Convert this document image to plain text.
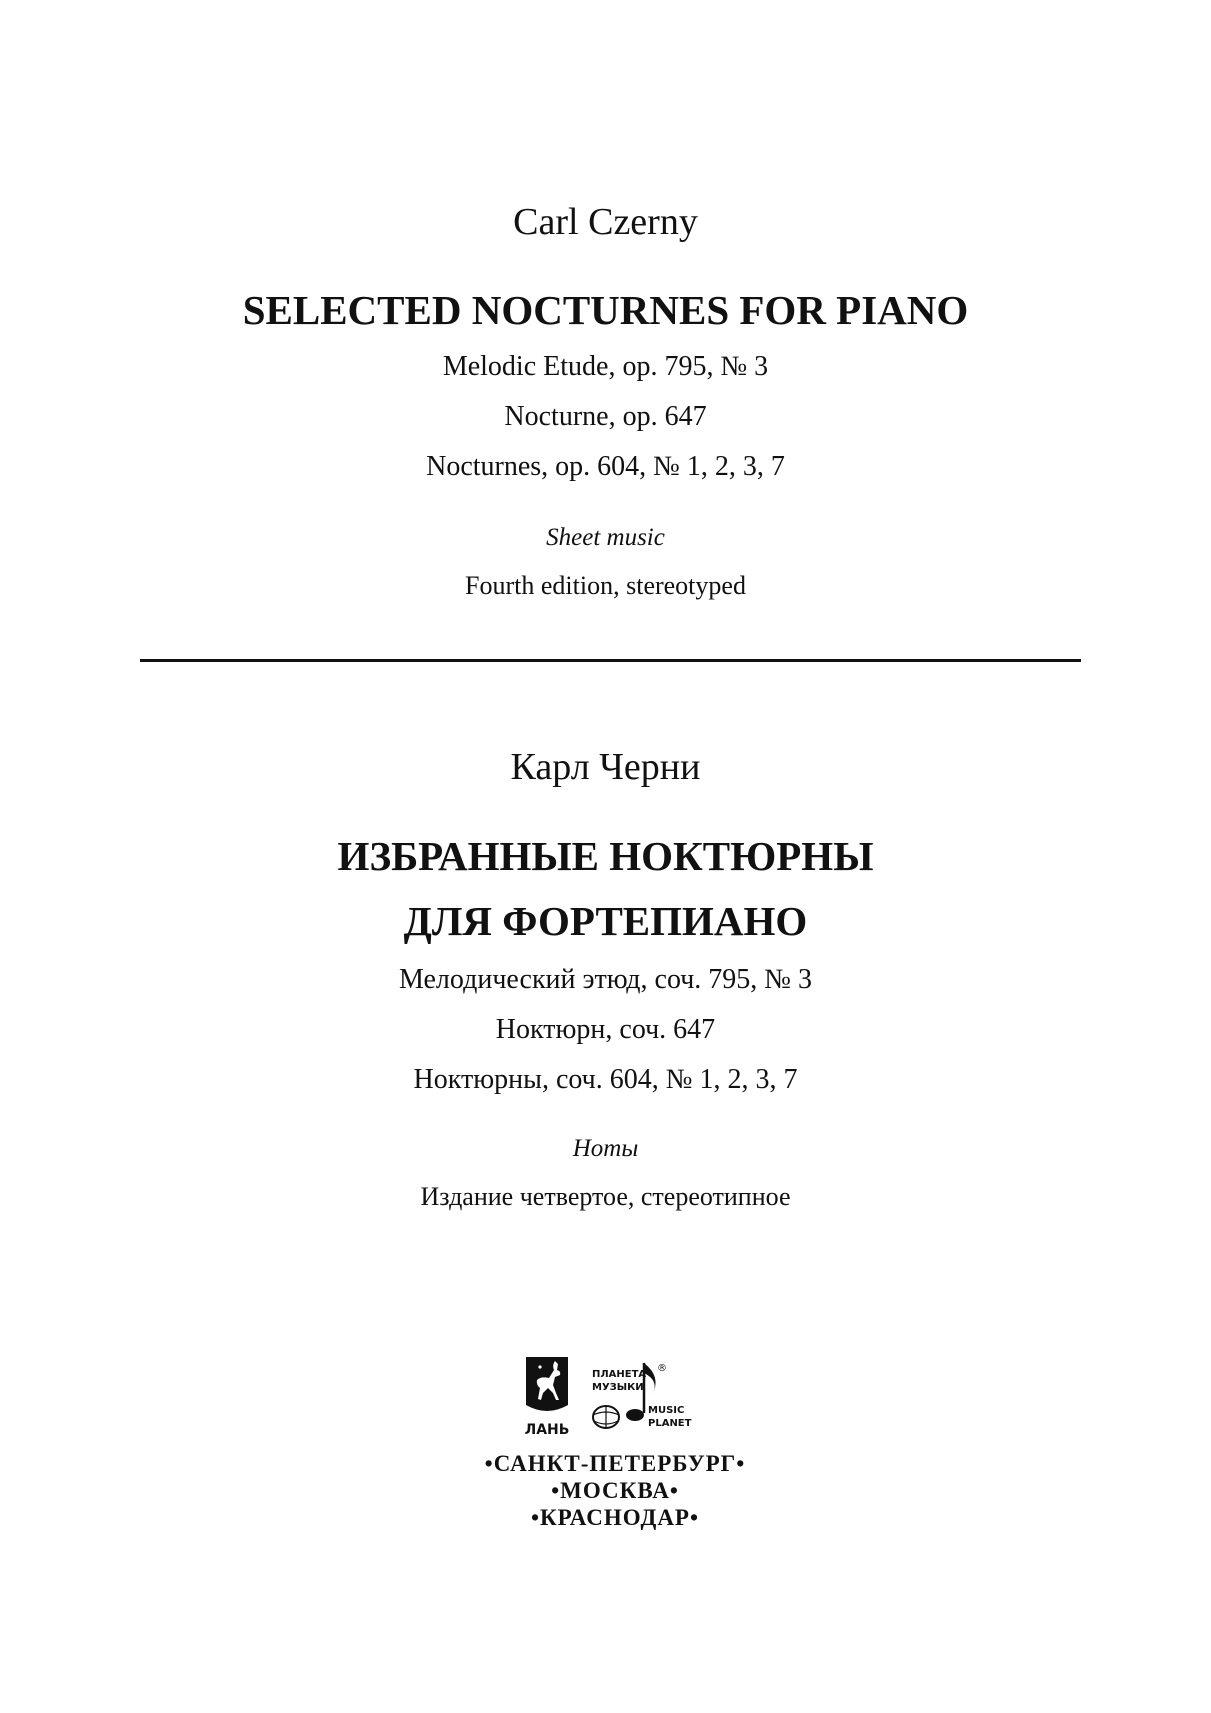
Carl Czerny
SELECTED NOCTURNES FOR PIANO
Melodic Etude, op. 795, № 3
Nocturne, op. 647
Nocturnes, op. 604, № 1, 2, 3, 7
Sheet music
Fourth edition, stereotyped
Карл Черни
ИЗБРАННЫЕ НОКТЮРНЫ
ДЛЯ ФОРТЕПИАНО
Мелодический этюд, соч. 795, № 3
Ноктюрн, соч. 647
Ноктюрны, соч. 604, № 1, 2, 3, 7
Ноты
Издание четвертое, стереотипное
ЛАНЬ
ПЛАНЕТА
МУЗЫКИ
®
MUSIC
PLANET
•САНКТ-ПЕТЕРБУРГ•
•МОСКВА•
•КРАСНОДАР•
